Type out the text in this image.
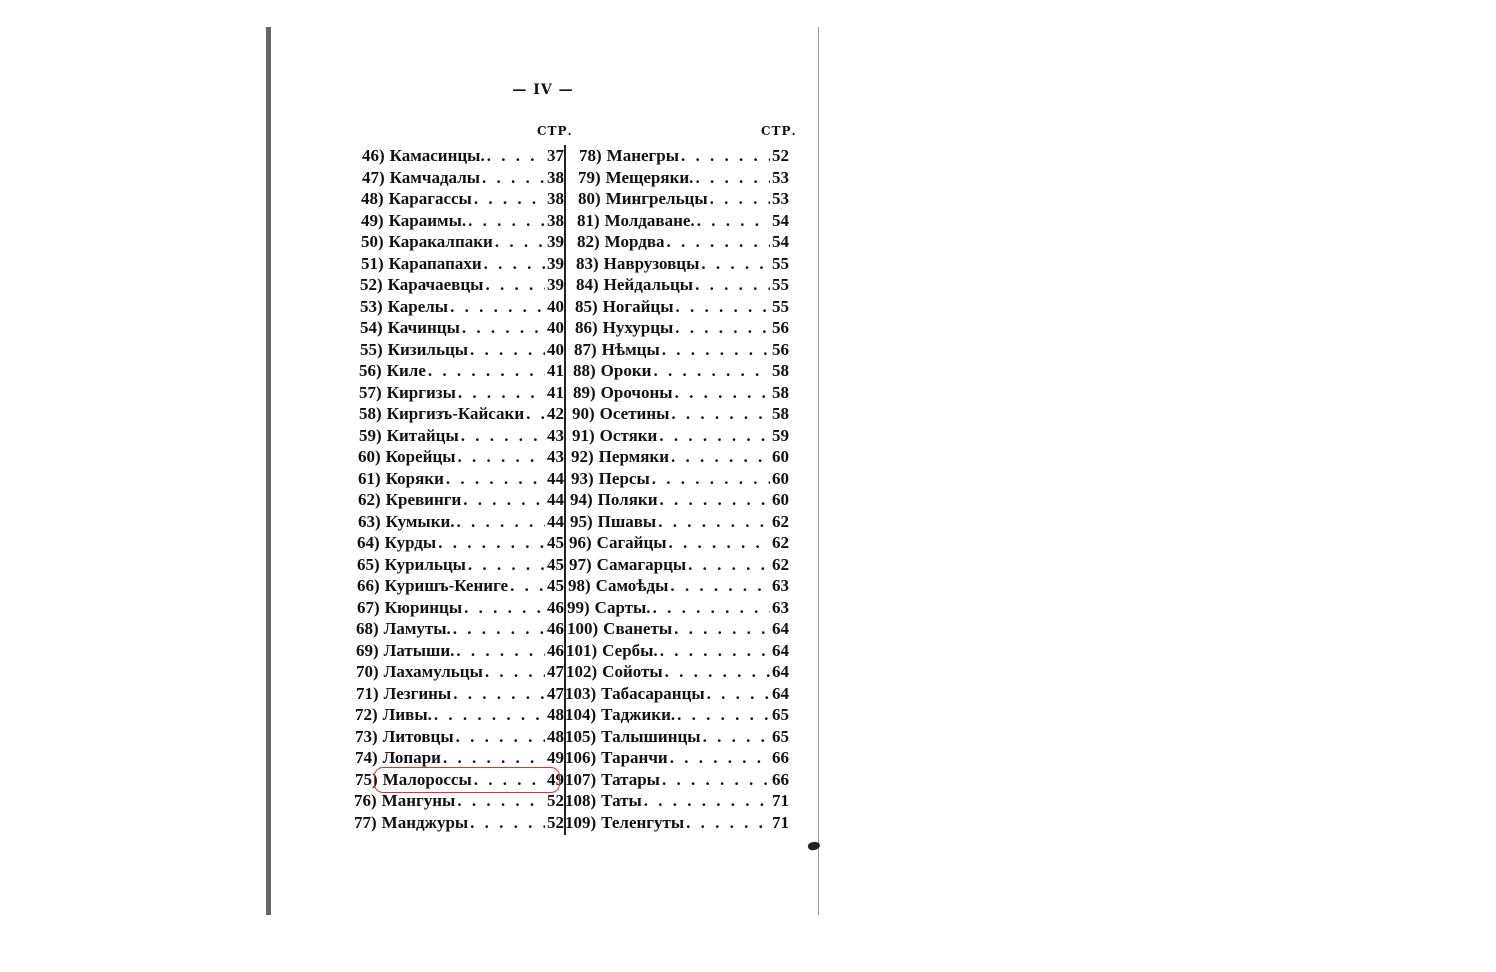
— IV —
СТР.	СТР.
46) Камасинцы. . . .	37
47) Камчадалы . . .	38
48) Карагассы . . .	38
49) Караимы. . . .	38
50) Каракалпаки . . .	39
51) Карапапахи . . .	39
52) Карачаевцы . . .	39
53) Карелы . . .	40
54) Качинцы . . .	40
55) Кизильцы . . .	40
56) Киле . . .	41
57) Киргизы . . .	41
58) Киргизъ-Кайсаки . . . 42
59) Китайцы . . .	43
60) Корейцы . . .	43
61) Коряки . . .	44
62) Кревинги . . .	44
63) Кумыки. . . .	44
64) Курды . . .	45
65) Курильцы . . .	45
66) Куришъ-Кениге . . . 45
67) Кюринцы . . .	46
68) Ламуты. . . .	46
69) Латыши. . . .	46
70) Лахамульцы . . .	47
71) Лезгины . . .	47
72) Ливы. . . .	48
73) Литовцы . . .	48
74) Лопари . . .	49
75) Малороссы . . .	49
76) Мангуны . . .	52
77) Манджуры . . .	52
78) Манегры . . .	52
79) Мещеряки. . . .	53
80) Мингрельцы . . .	53
81) Молдаване. . . .	54
82) Мордва . . .	54
83) Наврузовцы . . .	55
84) Нейдальцы . . .	55
85) Ногайцы . . .	55
86) Нухурцы . . .	56
87) Нѣмцы . . .	56
88) Ороки . . .	58
89) Орочоны . . .	58
90) Осетины . . .	58
91) Остяки . . .	59
92) Пермяки . . .	60
93) Персы . . .	60
94) Поляки . . .	60
95) Пшавы . . .	62
96) Сагайцы . . .	62
97) Самагарцы . . .	62
98) Самоѣды . . .	63
99) Сарты. . . .	63
100) Сванеты . . .	64
101) Сербы. . . .	64
102) Сойоты . . .	64
103) Табасаранцы . . .	64
104) Таджики. . . .	65
105) Талышинцы . . .	65
106) Таранчи . . .	66
107) Татары . . .	66
108) Таты . . .	71
109) Теленгуты . . .	71
